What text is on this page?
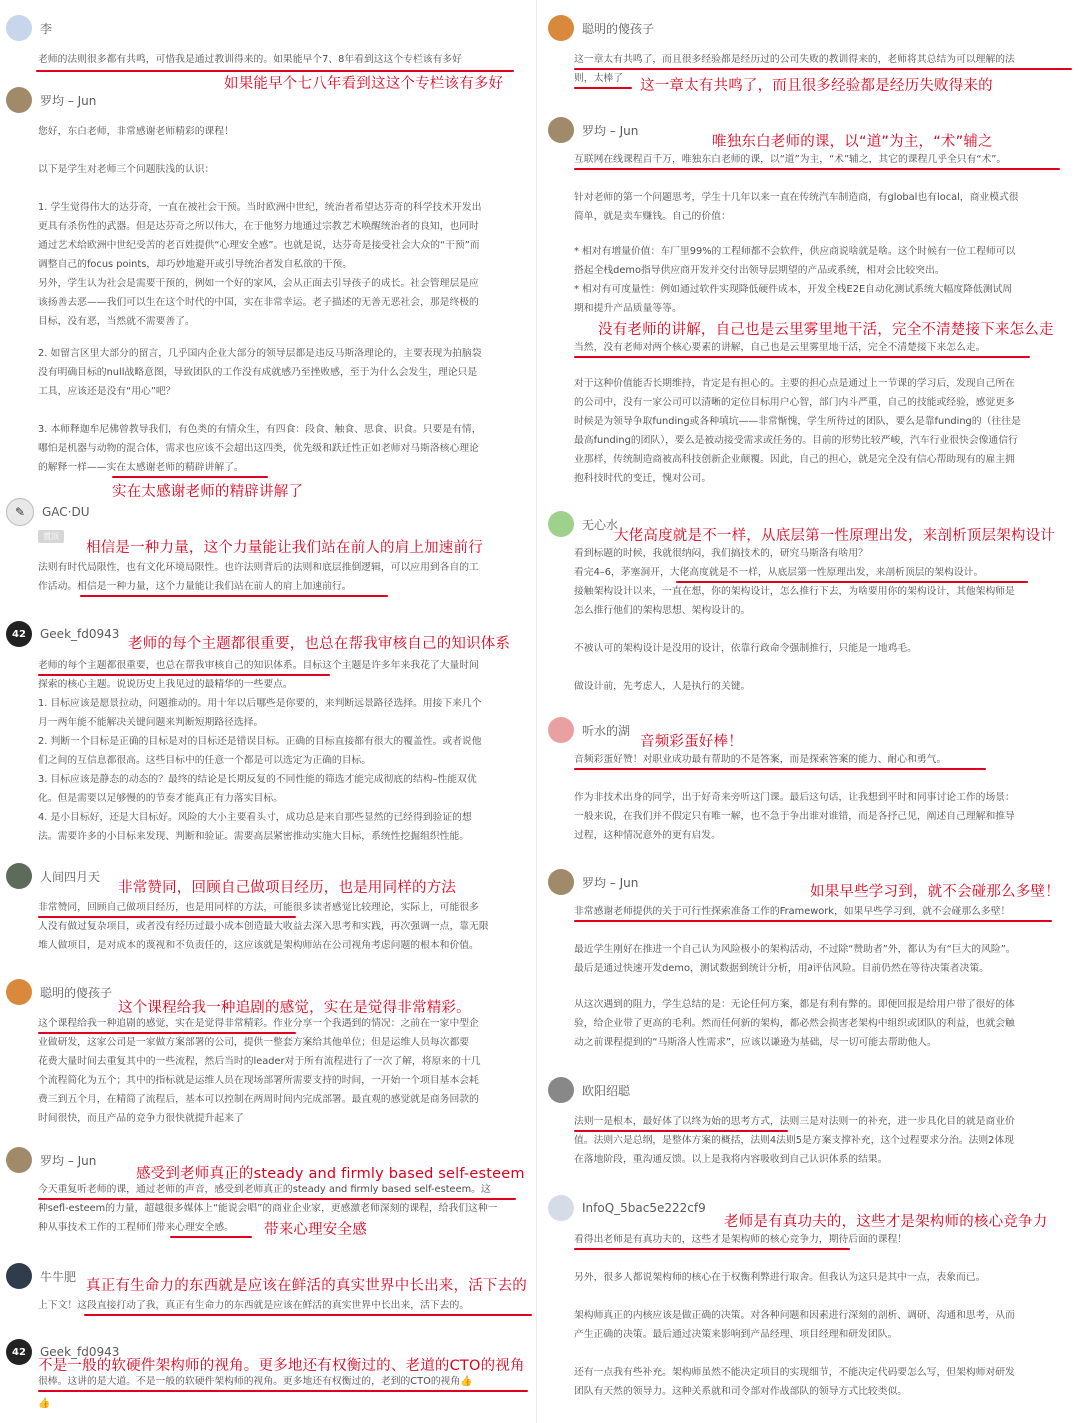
李
老师的法则很多都有共鸣，可惜我是通过教训得来的。如果能早个7、8年看到这这个专栏该有多好
如果能早个七八年看到这这个专栏该有多好
罗均 – Jun
您好，东白老师，非常感谢老师精彩的课程！
以下是学生对老师三个问题肤浅的认识：
1. 学生觉得伟大的达芬奇，一直在被社会干预。当时欧洲中世纪，统治者希望达芬奇的科学技术开发出
更具有杀伤性的武器。但是达芬奇之所以伟大，在于他努力地通过宗教艺术唤醒统治者的良知，也同时
通过艺术给欧洲中世纪受苦的老百姓提供“心理安全感”。也就是说，达芬奇是接受社会大众的“干预”而
调整自己的focus points，却巧妙地避开或引导统治者发自私欲的干预。
另外，学生认为社会是需要干预的，例如一个好的家风，会从正面去引导孩子的成长。社会管理层是应
该扬善去恶——我们可以生在这个时代的中国，实在非常幸运。老子描述的无善无恶社会，那是终极的
目标，没有恶，当然就不需要善了。
2. 如留言区里大部分的留言，几乎国内企业大部分的领导层都是违反马斯洛理论的，主要表现为拍脑袋
没有明确目标的null战略意图，导致团队的工作没有成就感乃至挫败感，至于为什么会发生，理论只是
工具，应该还是没有“用心”吧？
3. 本师释迦牟尼佛曾教导我们，有色类的有情众生，有四食：段食、触食、思食、识食。只要是有情，
哪怕是机器与动物的混合体，需求也应该不会超出这四类，优先级和跃迁性正如老师对马斯洛核心理论
的解释一样——实在太感谢老师的精辟讲解了。
实在太感谢老师的精辟讲解了
✎	GAC·DU
置顶
相信是一种力量，这个力量能让我们站在前人的肩上加速前行
法则有时代局限性，也有文化环境局限性。也许法则背后的法则和底层推倒逻辑，可以应用到各自的工
作活动。相信是一种力量，这个力量能让我们站在前人的肩上加速前行。
42	Geek_fd0943
老师的每个主题都很重要，也总在帮我审核自己的知识体系
老师的每个主题都很重要，也总在帮我审核自己的知识体系。目标这个主题是许多年来我花了大量时间
探索的核心主题。说说历史上我见过的最精华的一些要点。
1. 目标应该是愿景拉动，问题推动的。用十年以后哪些是你要的，来判断远景路径选择。用接下来几个
月一两年能不能解决关键问题来判断短期路径选择。
2. 判断一个目标是正确的目标是对的目标还是错误目标。正确的目标直接都有很大的覆盖性。或者说他
们之间的互信息都很高。这些目标中的任意一个都是可以选定为正确的目标。
3. 目标应该是静态的动态的？最终的结论是长期反复的不同性能的筛选才能完成彻底的结构–性能双优
化。但是需要以足够慢的的节奏才能真正有力落实目标。
4. 是小目标好，还是大目标好。风险的大小主要看头寸，成功总是来自那些显然的已经得到验证的想
法。需要许多的小目标来发现、判断和验证。需要高层紧密推动实施大目标，系统性挖掘组织性能。
人间四月天
非常赞同，回顾自己做项目经历，也是用同样的方法
非常赞同，回顾自己做项目经历，也是用同样的方法，可能很多读者感觉比较理论，实际上，可能很多
人没有做过复杂项目，或者没有经历过最小成本创造最大收益去深入思考和实践，再次强调一点，靠无限
堆人做项目，是对成本的蔑视和不负责任的，这应该就是架构师站在公司视角考虑问题的根本和价值。
聪明的傻孩子
这个课程给我一种追剧的感觉，实在是觉得非常精彩。
这个课程给我一种追剧的感觉，实在是觉得非常精彩。作业分享一个我遇到的情况：之前在一家中型企
业做研发，这家公司是一家做方案部署的公司，提供一整套方案给其他单位；但是运维人员每次都要
花费大量时间去重复其中的一些流程，然后当时的leader对于所有流程进行了一次了解，将原来的十几
个流程简化为五个；其中的指标就是运维人员在现场部署所需要支持的时间，一开始一个项目基本会耗
费三到五个月，在精简了流程后，基本可以控制在两周时间内完成部署。最直观的感觉就是商务回款的
时间很快，而且产品的竞争力很快就提升起来了
罗均 – Jun
感受到老师真正的steady and firmly based self-esteem
今天重复听老师的课，通过老师的声音，感受到老师真正的steady and firmly based self-esteem。这
种sefl-esteem的力量，超越很多媒体上“能说会唱”的商业企业家，更感激老师深刻的课程，给我们这种一
种从事技术工作的工程师们带来心理安全感。 带来心理安全感
牛牛肥
真正有生命力的东西就是应该在鲜活的真实世界中长出来，活下去的
上下文！这段直接打动了我，真正有生命力的东西就是应该在鲜活的真实世界中长出来，活下去的。
42	Geek_fd0943
不是一般的软硬件架构师的视角。更多地还有权衡过的、老道的CTO的视角
很棒。这讲的是大道。不是一般的软硬件架构师的视角。更多地还有权衡过的，老到的CTO的视角👍
👍
聪明的傻孩子
这一章太有共鸣了，而且很多经验都是经历过的公司失败的教训得来的，老师将其总结为可以理解的法
则，太棒了 这一章太有共鸣了，而且很多经验都是经历失败得来的
罗均 – Jun
唯独东白老师的课，以“道”为主，“术”辅之
互联网在线课程百千万，唯独东白老师的课，以“道”为主，“术”辅之，其它的课程几乎全只有“术”。
针对老师的第一个问题思考，学生十几年以来一直在传统汽车制造商，有global也有local，商业模式很
简单，就是卖车赚钱。自己的价值：
* 相对有增量价值：车厂里99%的工程师都不会软件，供应商说啥就是啥。这个时候有一位工程师可以
搭起全栈demo指导供应商开发并交付出领导层期望的产品或系统，相对会比较突出。
* 相对有可度量性：例如通过软件实现降低硬件成本，开发全栈E2E自动化测试系统大幅度降低测试周
期和提升产品质量等等。
没有老师的讲解，自己也是云里雾里地干活，完全不清楚接下来怎么走
当然，没有老师对两个核心要素的讲解，自己也是云里雾里地干活，完全不清楚接下来怎么走。
对于这种价值能否长期维持，肯定是有担心的。主要的担心点是通过上一节课的学习后，发现自己所在
的公司中，没有一家公司可以清晰的定位目标用户心智，部门内斗严重，自己的技能或经验，感觉更多
时候是为领导争取funding或各种填坑——非常惭愧，学生所待过的团队，要么是靠funding的（往往是
最高funding的团队），要么是被动接受需求或任务的。目前的形势比较严峻，汽车行业很快会像通信行
业那样，传统制造商被高科技创新企业颠覆。因此，自己的担心，就是完全没有信心帮助现有的雇主拥
抱科技时代的变迁，愧对公司。
无心水
大佬高度就是不一样，从底层第一性原理出发，来剖析顶层架构设计
看到标题的时候，我就很纳闷，我们搞技术的，研究马斯洛有啥用？
看完4–6，茅塞洞开，大佬高度就是不一样，从底层第一性原理出发，来剖析顶层的架构设计。
接触架构设计以来，一直在想，你的架构设计，怎么推行下去，为啥要用你的架构设计，其他架构师是
怎么推行他们的架构思想、架构设计的。
不被认可的架构设计是没用的设计，依靠行政命令强制推行，只能是一地鸡毛。
做设计前，先考虑人，人是执行的关键。
听水的湖
音频彩蛋好棒！
音频彩蛋好赞！对职业成功最有帮助的不是答案，而是探索答案的能力、耐心和勇气。
作为非技术出身的同学，出于好奇来旁听这门课。最后这句话，让我想到平时和同事讨论工作的场景：
一般来说，在我们并不假定只有唯一解，也不急于争出谁对谁错，而是各抒己见，阐述自己理解和推导
过程，这种情况意外的更有启发。
罗均 – Jun
如果早些学习到，就不会碰那么多壁！
非常感谢老师提供的关于可行性探索准备工作的Framework，如果早些学习到，就不会碰那么多壁！
最近学生刚好在推进一个自己认为风险极小的架构活动，不过除“赞助者”外，都认为有“巨大的风险”。
最后是通过快速开发demo，测试数据到统计分析，用∂评估风险。目前仍然在等待决策者决策。
从这次遇到的阻力，学生总结的是：无论任何方案，都是有利有弊的。即便回报是给用户带了很好的体
验，给企业带了更高的毛利。然而任何新的架构，都必然会损害老架构中组织或团队的利益，也就会触
动之前课程提到的“马斯洛人性需求”，应该以谦逊为基础，尽一切可能去帮助他人。
欧阳绍聪
法则一是根本，最好体了以终为始的思考方式，法则三是对法则一的补充，进一步具化目的就是商业价
值。法则六是总纲，是整体方案的概括，法则4法则5是方案支撑补充，这个过程要求分治。法则2体现
在落地阶段，重沟通反馈。以上是我将内容吸收到自己认识体系的结果。
InfoQ_5bac5e222cf9
老师是有真功夫的，这些才是架构师的核心竞争力
看得出老师是有真功夫的，这些才是架构师的核心竞争力，期待后面的课程！
另外，很多人都说架构师的核心在于权衡利弊进行取舍。但我认为这只是其中一点，表象而已。
架构师真正的内核应该是做正确的决策。对各种问题和因素进行深刻的剖析、调研、沟通和思考，从而
产生正确的决策。最后通过决策来影响到产品经理、项目经理和研发团队。
还有一点我有些补充。架构师虽然不能决定项目的实现细节，不能决定代码要怎么写，但架构师对研发
团队有天然的领导力。这种关系就和司令部对作战部队的领导方式比较类似。
